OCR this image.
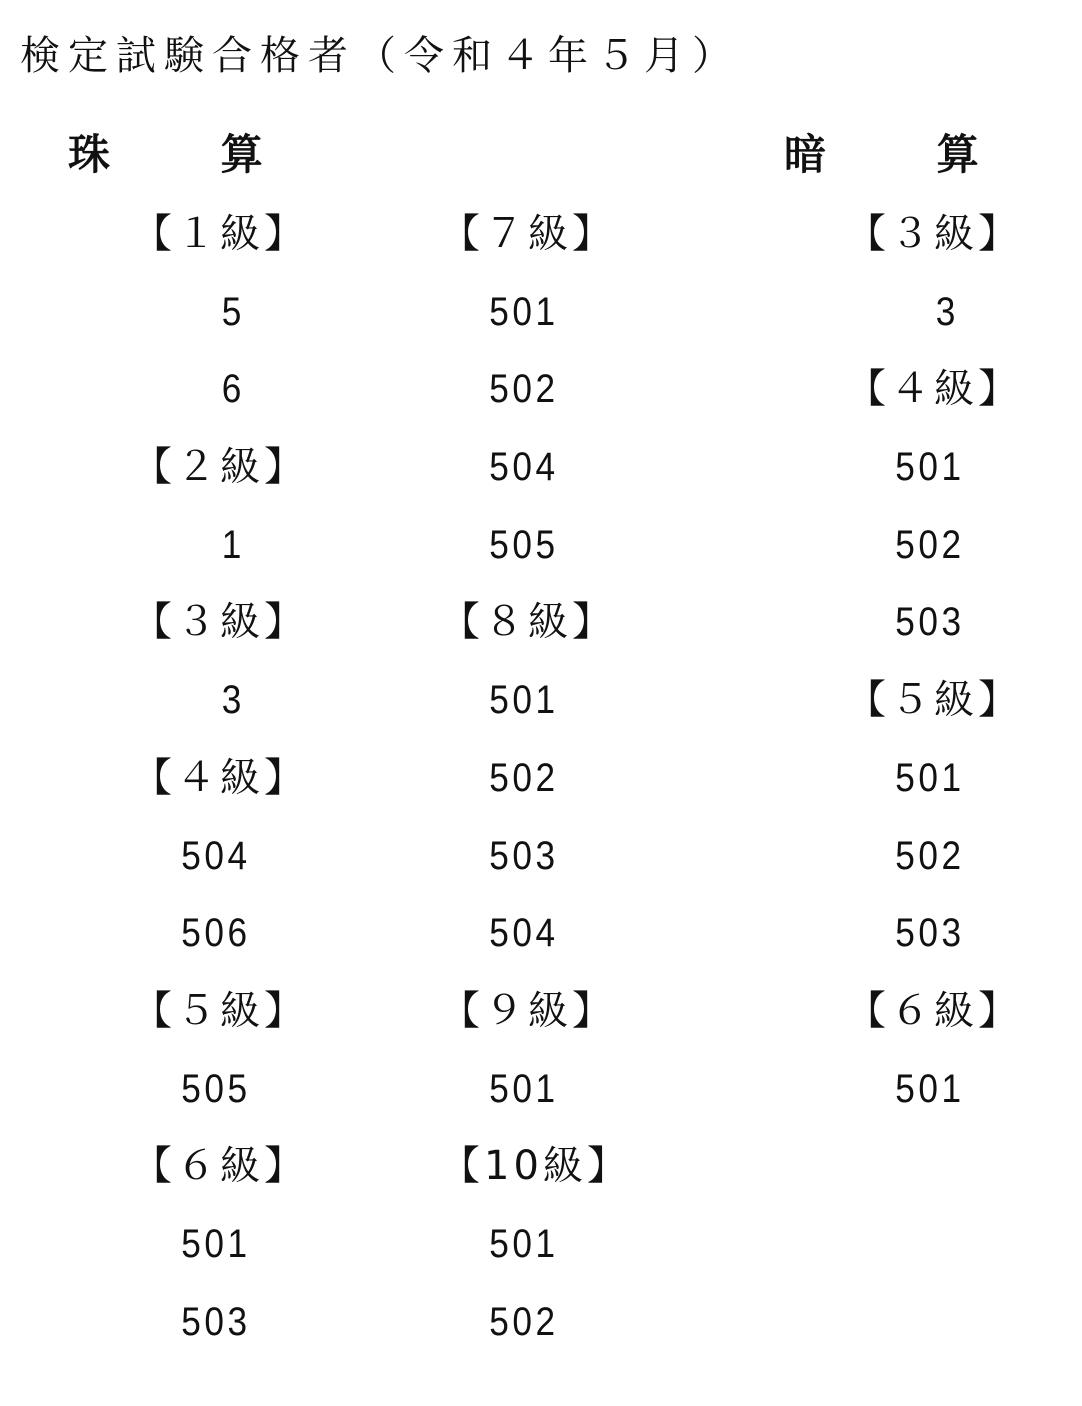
検定試験合格者（令和４年５月）
珠 算	暗 算
【１級】
5
6
【２級】
1
【３級】
3
【４級】
504
506
【５級】
505
【６級】
501
503
【７級】
501
502
504
505
【８級】
501
502
503
504
【９級】
501
【10級】
501
502
【３級】
3
【４級】
501
502
503
【５級】
501
502
503
【６級】
501
